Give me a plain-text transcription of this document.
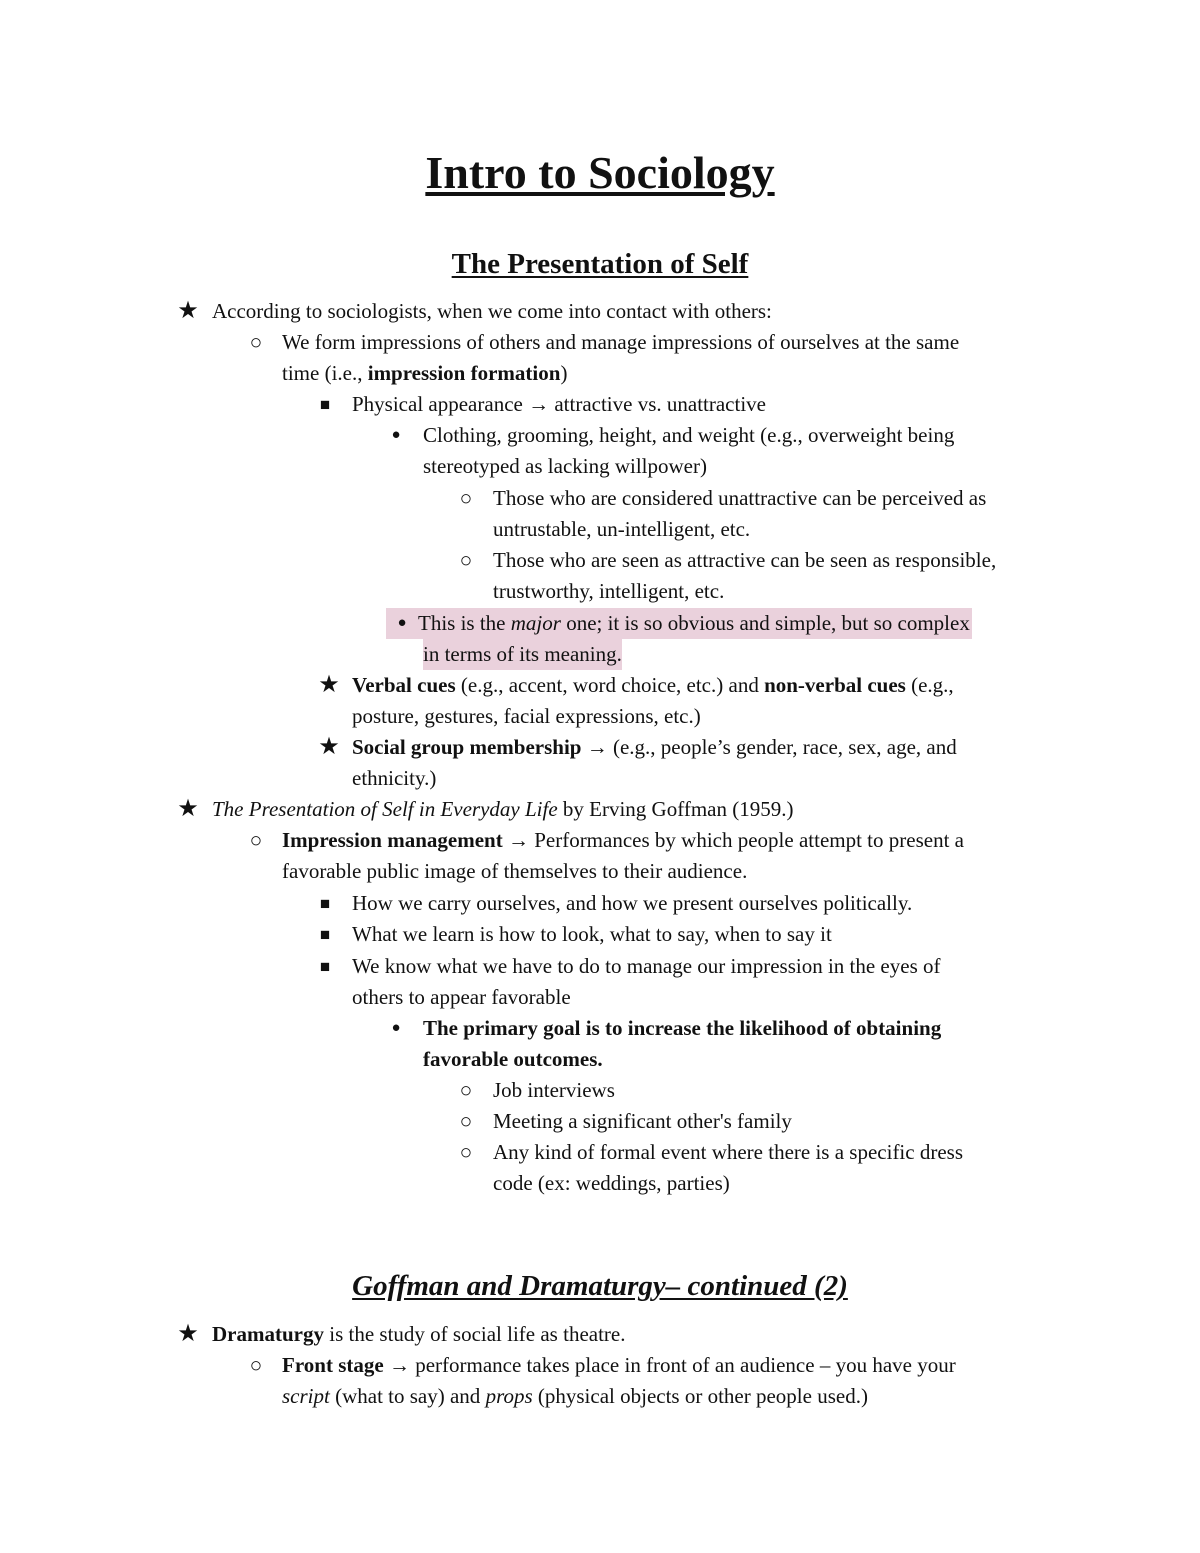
Intro to Sociology
The Presentation of Self
★ According to sociologists, when we come into contact with others:
○ We form impressions of others and manage impressions of ourselves at the same
time (i.e., impression formation)
■	Physical appearance → attractive vs. unattractive
●	Clothing, grooming, height, and weight (e.g., overweight being
stereotyped as lacking willpower)
○ Those who are considered unattractive can be perceived as
untrustable, un-intelligent, etc.
○ Those who are seen as attractive can be seen as responsible,
trustworthy, intelligent, etc.
● This is the major one; it is so obvious and simple, but so complex
in terms of its meaning.
★ Verbal cues (e.g., accent, word choice, etc.) and non-verbal cues (e.g.,
posture, gestures, facial expressions, etc.)
★ Social group membership → (e.g., people’s gender, race, sex, age, and
ethnicity.)
★ The Presentation of Self in Everyday Life by Erving Goffman (1959.)
○ Impression management → Performances by which people attempt to present a
favorable public image of themselves to their audience.
■	How we carry ourselves, and how we present ourselves politically.
■	What we learn is how to look, what to say, when to say it
■	We know what we have to do to manage our impression in the eyes of
others to appear favorable
●	The primary goal is to increase the likelihood of obtaining
favorable outcomes.
○ Job interviews
○ Meeting a significant other's family
○ Any kind of formal event where there is a specific dress
code (ex: weddings, parties)
Goffman and Dramaturgy– continued (2)
★ Dramaturgy is the study of social life as theatre.
○ Front stage → performance takes place in front of an audience – you have your
script (what to say) and props (physical objects or other people used.)
